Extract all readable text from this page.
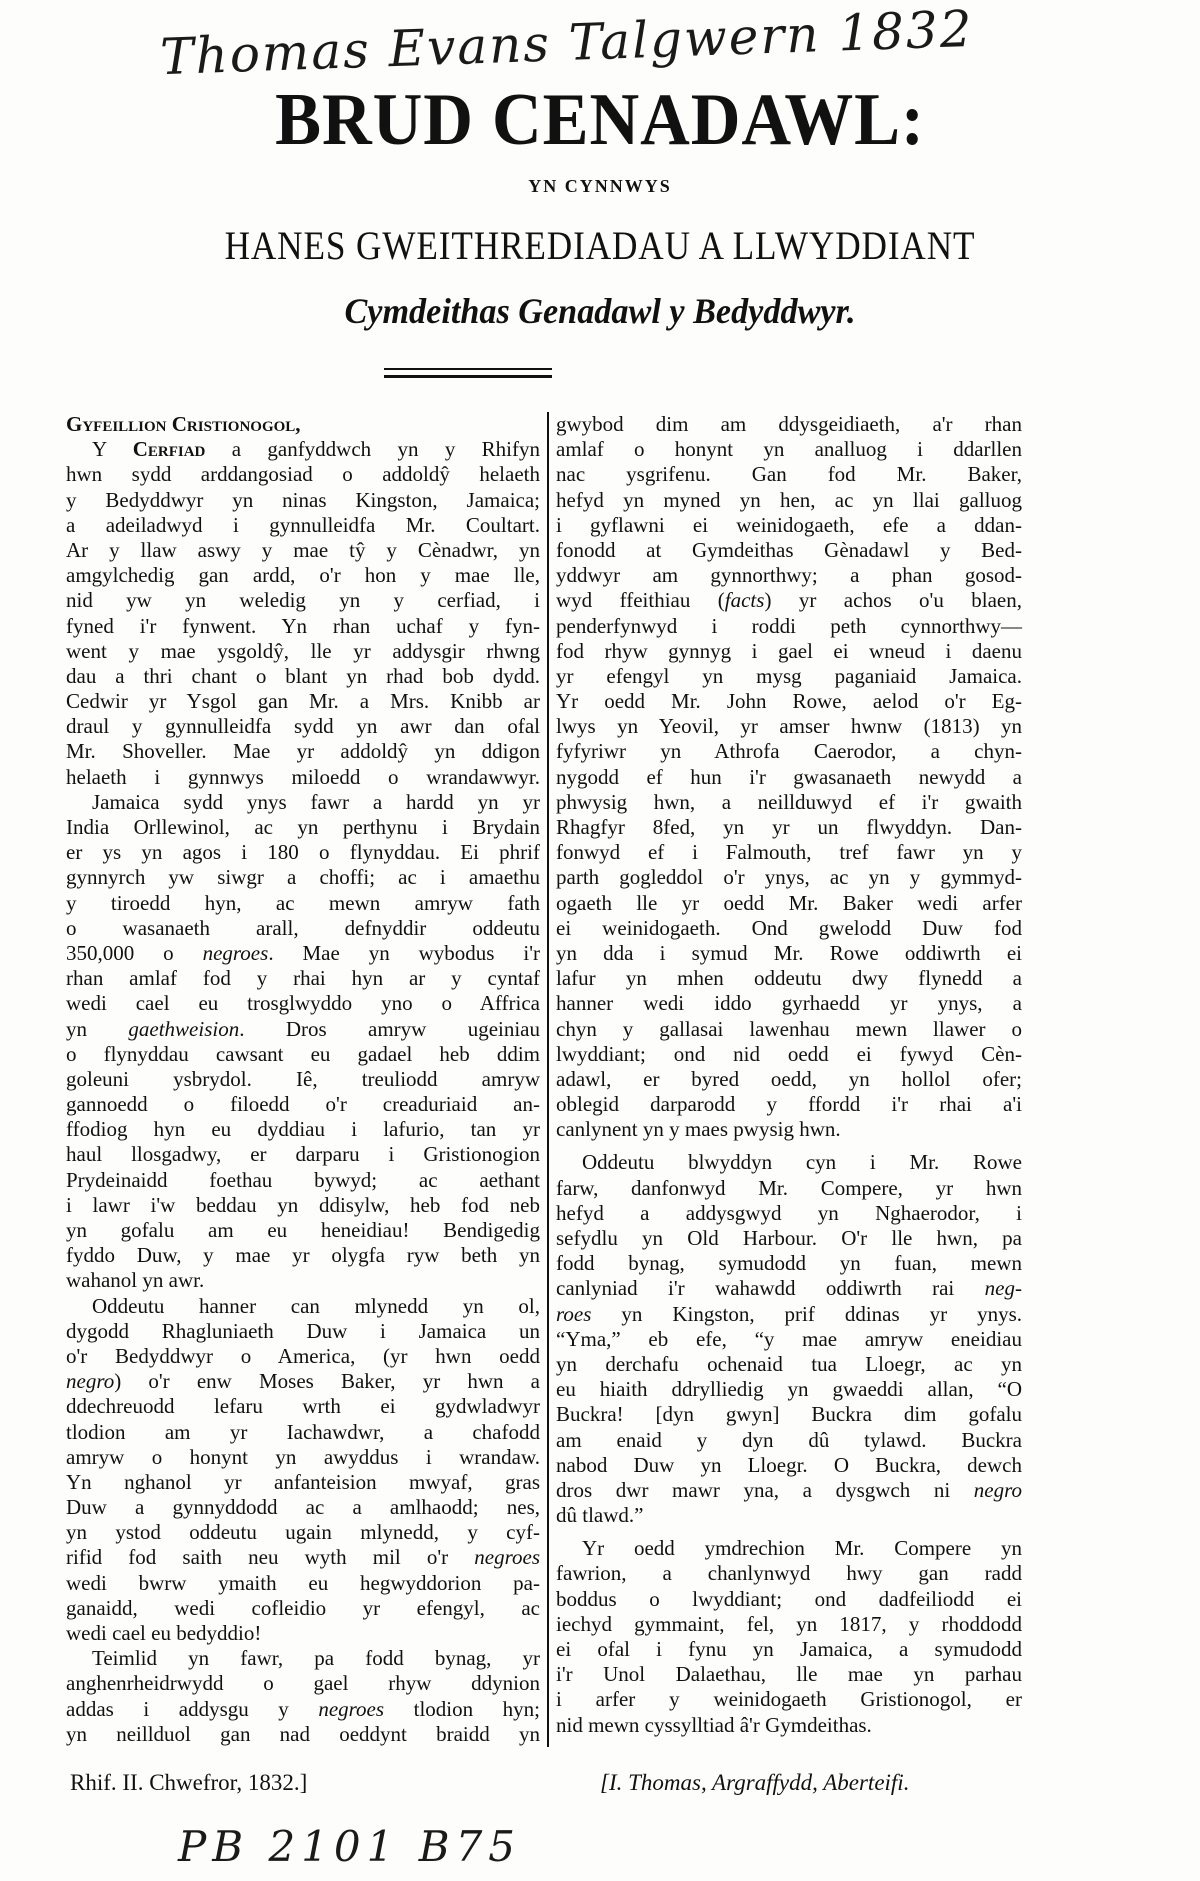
Thomas Evans Talgwern 1832
BRUD CENADAWL:
YN CYNNWYS
HANES GWEITHREDIADAU A LLWYDDIANT
Cymdeithas Genadawl y Bedyddwyr.
Gyfeillion Cristionogol,
Y Cerfiad a ganfyddwch yn y Rhifyn
hwn sydd arddangosiad o addoldŷ helaeth
y Bedyddwyr yn ninas Kingston, Jamaica;
a adeiladwyd i gynnulleidfa Mr. Coultart.
Ar y llaw aswy y mae tŷ y Cènadwr, yn
amgylchedig gan ardd, o'r hon y mae lle,
nid yw yn weledig yn y cerfiad, i
fyned i'r fynwent. Yn rhan uchaf y fyn-
went y mae ysgoldŷ, lle yr addysgir rhwng
dau a thri chant o blant yn rhad bob dydd.
Cedwir yr Ysgol gan Mr. a Mrs. Knibb ar
draul y gynnulleidfa sydd yn awr dan ofal
Mr. Shoveller. Mae yr addoldŷ yn ddigon
helaeth i gynnwys miloedd o wrandawwyr.
Jamaica sydd ynys fawr a hardd yn yr
India Orllewinol, ac yn perthynu i Brydain
er ys yn agos i 180 o flynyddau. Ei phrif
gynnyrch yw siwgr a choffi; ac i amaethu
y tiroedd hyn, ac mewn amryw fath
o wasanaeth arall, defnyddir oddeutu
350,000 o negroes. Mae yn wybodus i'r
rhan amlaf fod y rhai hyn ar y cyntaf
wedi cael eu trosglwyddo yno o Affrica
yn gaethweision. Dros amryw ugeiniau
o flynyddau cawsant eu gadael heb ddim
goleuni ysbrydol. Iê, treuliodd amryw
gannoedd o filoedd o'r creaduriaid an-
ffodiog hyn eu dyddiau i lafurio, tan yr
haul llosgadwy, er darparu i Gristionogion
Prydeinaidd foethau bywyd; ac aethant
i lawr i'w beddau yn ddisylw, heb fod neb
yn gofalu am eu heneidiau! Bendigedig
fyddo Duw, y mae yr olygfa ryw beth yn
wahanol yn awr.
Oddeutu hanner can mlynedd yn ol,
dygodd Rhagluniaeth Duw i Jamaica un
o'r Bedyddwyr o America, (yr hwn oedd
negro) o'r enw Moses Baker, yr hwn a
ddechreuodd lefaru wrth ei gydwladwyr
tlodion am yr Iachawdwr, a chafodd
amryw o honynt yn awyddus i wrandaw.
Yn nghanol yr anfanteision mwyaf, gras
Duw a gynnyddodd ac a amlhaodd; nes,
yn ystod oddeutu ugain mlynedd, y cyf-
rifid fod saith neu wyth mil o'r negroes
wedi bwrw ymaith eu hegwyddorion pa-
ganaidd, wedi cofleidio yr efengyl, ac
wedi cael eu bedyddio!
Teimlid yn fawr, pa fodd bynag, yr
anghenrheidrwydd o gael rhyw ddynion
addas i addysgu y negroes tlodion hyn;
yn neillduol gan nad oeddynt braidd yn
gwybod dim am ddysgeidiaeth, a'r rhan
amlaf o honynt yn analluog i ddarllen
nac ysgrifenu. Gan fod Mr. Baker,
hefyd yn myned yn hen, ac yn llai galluog
i gyflawni ei weinidogaeth, efe a ddan-
fonodd at Gymdeithas Gènadawl y Bed-
yddwyr am gynnorthwy; a phan gosod-
wyd ffeithiau (facts) yr achos o'u blaen,
penderfynwyd i roddi peth cynnorthwy—
fod rhyw gynnyg i gael ei wneud i daenu
yr efengyl yn mysg paganiaid Jamaica.
Yr oedd Mr. John Rowe, aelod o'r Eg-
lwys yn Yeovil, yr amser hwnw (1813) yn
fyfyriwr yn Athrofa Caerodor, a chyn-
nygodd ef hun i'r gwasanaeth newydd a
phwysig hwn, a neillduwyd ef i'r gwaith
Rhagfyr 8fed, yn yr un flwyddyn. Dan-
fonwyd ef i Falmouth, tref fawr yn y
parth gogleddol o'r ynys, ac yn y gymmyd-
ogaeth lle yr oedd Mr. Baker wedi arfer
ei weinidogaeth. Ond gwelodd Duw fod
yn dda i symud Mr. Rowe oddiwrth ei
lafur yn mhen oddeutu dwy flynedd a
hanner wedi iddo gyrhaedd yr ynys, a
chyn y gallasai lawenhau mewn llawer o
lwyddiant; ond nid oedd ei fywyd Cèn-
adawl, er byred oedd, yn hollol ofer;
oblegid darparodd y ffordd i'r rhai a'i
canlynent yn y maes pwysig hwn.
Oddeutu blwyddyn cyn i Mr. Rowe
farw, danfonwyd Mr. Compere, yr hwn
hefyd a addysgwyd yn Nghaerodor, i
sefydlu yn Old Harbour. O'r lle hwn, pa
fodd bynag, symudodd yn fuan, mewn
canlyniad i'r wahawdd oddiwrth rai neg-
roes yn Kingston, prif ddinas yr ynys.
“Yma,” eb efe, “y mae amryw eneidiau
yn derchafu ochenaid tua Lloegr, ac yn
eu hiaith ddrylliedig yn gwaeddi allan, “O
Buckra! [dyn gwyn] Buckra dim gofalu
am enaid y dyn dû tylawd. Buckra
nabod Duw yn Lloegr. O Buckra, dewch
dros dwr mawr yna, a dysgwch ni negro
dû tlawd.”
Yr oedd ymdrechion Mr. Compere yn
fawrion, a chanlynwyd hwy gan radd
boddus o lwyddiant; ond dadfeiliodd ei
iechyd gymmaint, fel, yn 1817, y rhoddodd
ei ofal i fynu yn Jamaica, a symudodd
i'r Unol Dalaethau, lle mae yn parhau
i arfer y weinidogaeth Gristionogol, er
nid mewn cyssylltiad â'r Gymdeithas.
Rhif. II. Chwefror, 1832.]	[I. Thomas, Argraffydd, Aberteifi.
PB 2101 B75
